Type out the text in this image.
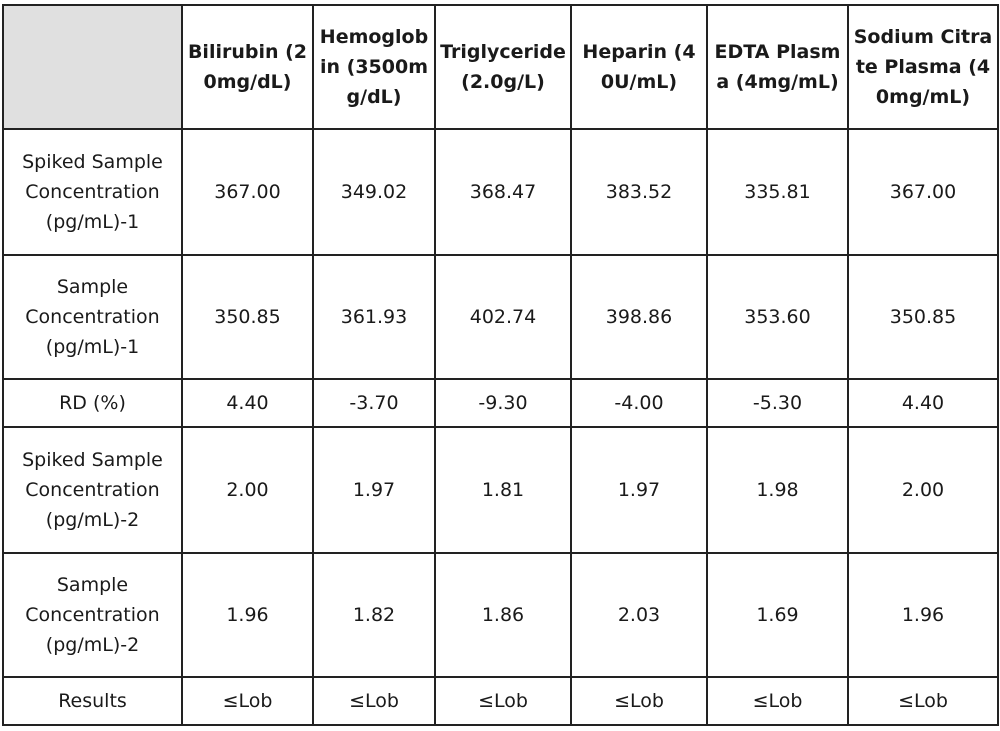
	Bilirubin (20mg/dL)	Hemoglobin (3500mg/dL)	Triglyceride (2.0g/L)	Heparin (40U/mL)	EDTA Plasma (4mg/mL)	Sodium Citrate Plasma (40mg/mL)
Spiked Sample Concentration (pg/mL)-1	367.00	349.02	368.47	383.52	335.81	367.00
Sample Concentration (pg/mL)-1	350.85	361.93	402.74	398.86	353.60	350.85
RD (%)	4.40	-3.70	-9.30	-4.00	-5.30	4.40
Spiked Sample Concentration (pg/mL)-2	2.00	1.97	1.81	1.97	1.98	2.00
Sample Concentration (pg/mL)-2	1.96	1.82	1.86	2.03	1.69	1.96
Results	≤Lob	≤Lob	≤Lob	≤Lob	≤Lob	≤Lob
